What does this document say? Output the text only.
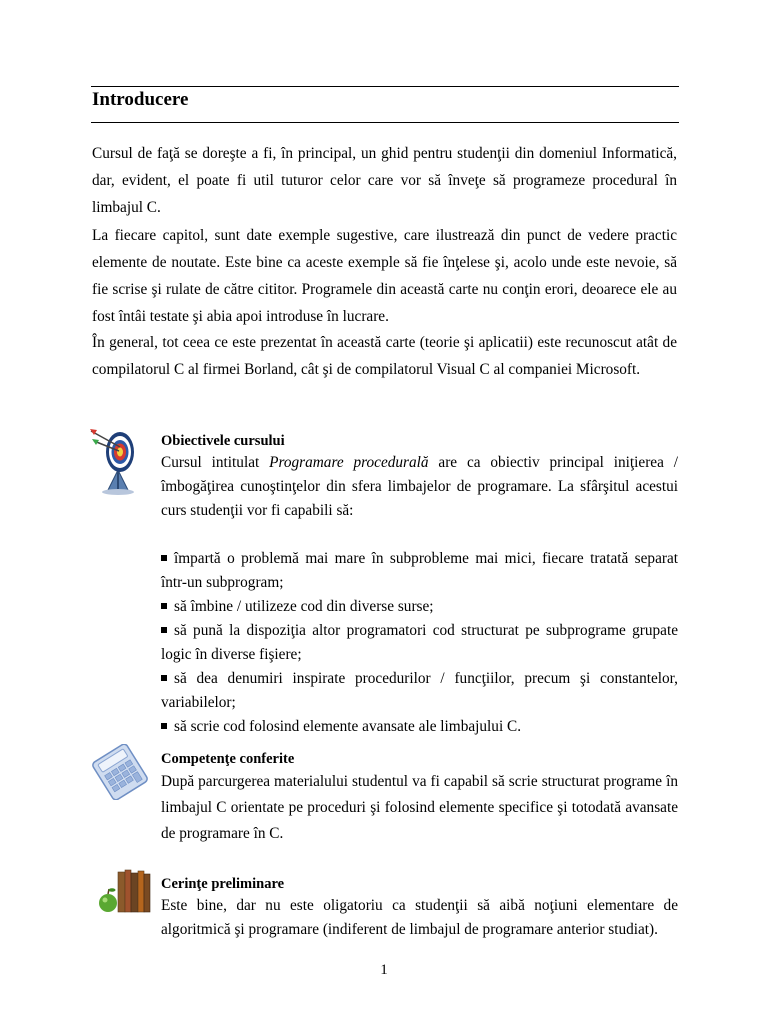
Introducere

Cursul de faţă se doreşte a fi, în principal, un ghid pentru studenţii din domeniul Informatică, dar, evident, el poate fi util tuturor celor care vor să înveţe să programeze procedural în limbajul C.

La fiecare capitol, sunt date exemple sugestive, care ilustrează din punct de vedere practic elemente de noutate. Este bine ca aceste exemple să fie înţelese şi, acolo unde este nevoie, să fie scrise şi rulate de către cititor. Programele din această carte nu conţin erori, deoarece ele au fost întâi testate şi abia apoi introduse în lucrare.

În general, tot ceea ce este prezentat în această carte (teorie şi aplicatii) este recunoscut atât de compilatorul C al firmei Borland, cât şi de compilatorul Visual C al companiei Microsoft.

Obiectivele cursului

Cursul intitulat Programare procedurală are ca obiectiv principal iniţierea / îmbogăţirea cunoştinţelor din sfera limbajelor de programare. La sfârşitul acestui curs studenţii vor fi capabili să:

împartă o problemă mai mare în subprobleme mai mici, fiecare tratată separat într-un subprogram;
să îmbine / utilizeze cod din diverse surse;
să pună la dispoziţia altor programatori cod structurat pe subprograme grupate logic în diverse fişiere;
să dea denumiri inspirate procedurilor / funcţiilor, precum şi constantelor, variabilelor;
să scrie cod folosind elemente avansate ale limbajului C.
Competenţe conferite

După parcurgerea materialului studentul va fi capabil să scrie structurat programe în limbajul C orientate pe proceduri şi folosind elemente specifice şi totodată avansate de programare în C.

Cerinţe preliminare

Este bine, dar nu este oligatoriu ca studenţii să aibă noţiuni elementare de algoritmică şi programare (indiferent de limbajul de programare anterior studiat).

1
